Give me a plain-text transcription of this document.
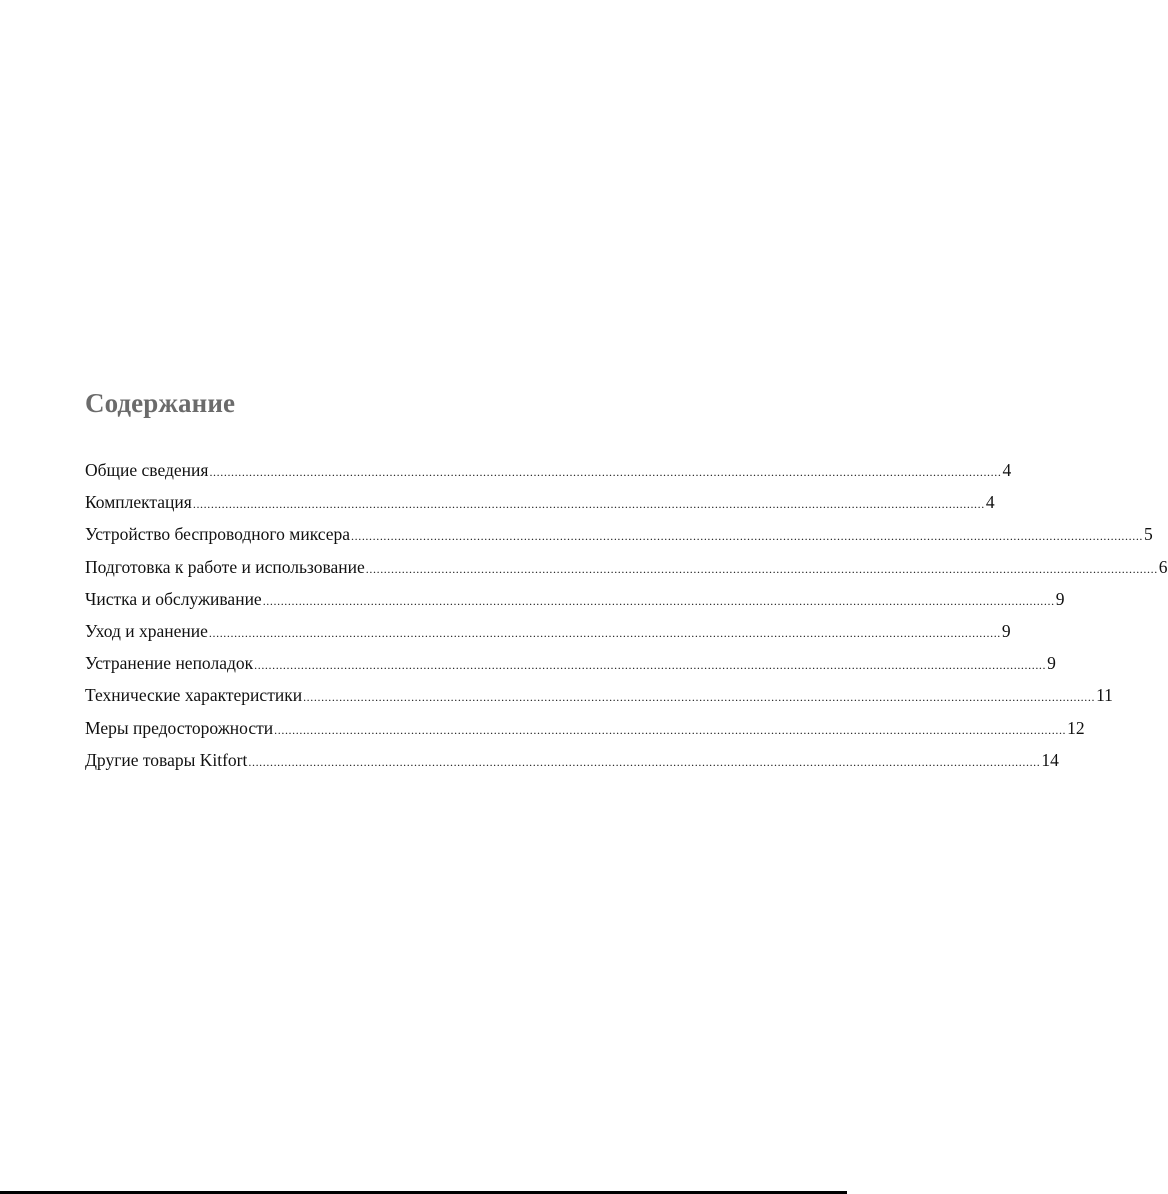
Содержание
Общие сведения ............................................................................................................................................................................................................................ 4
Комплектация ............................................................................................................................................................................................................................ 4
Устройство беспроводного миксера ............................................................................................................................................................................................................................ 5
Подготовка к работе и использование ............................................................................................................................................................................................................................ 6
Чистка и обслуживание ............................................................................................................................................................................................................................ 9
Уход и хранение ............................................................................................................................................................................................................................ 9
Устранение неполадок ............................................................................................................................................................................................................................ 9
Технические характеристики ............................................................................................................................................................................................................................ 11
Меры предосторожности ............................................................................................................................................................................................................................ 12
Другие товары Kitfort ............................................................................................................................................................................................................................ 14
